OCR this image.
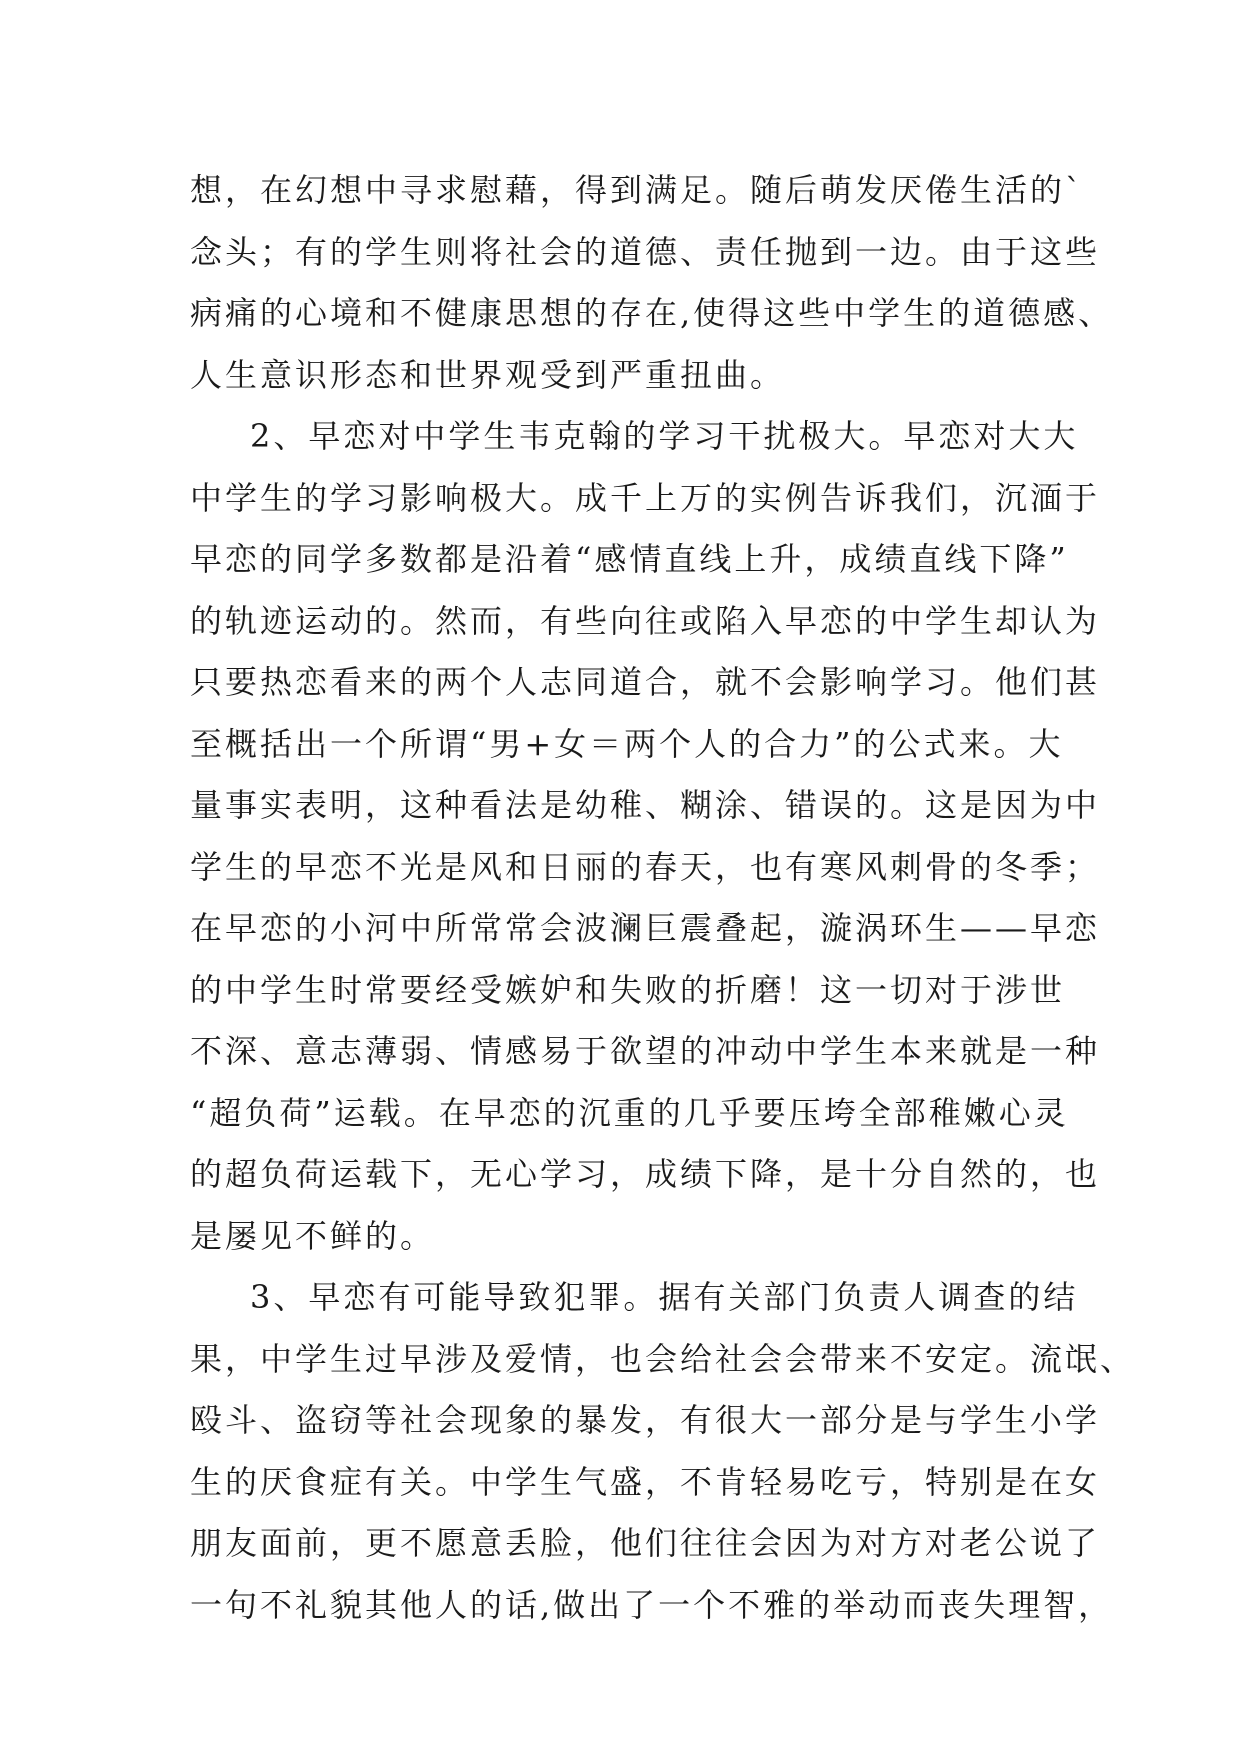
想，在幻想中寻求慰藉，得到满足。随后萌发厌倦生活的`
念头；有的学生则将社会的道德、责任抛到一边。由于这些
病痛的心境和不健康思想的存在,使得这些中学生的道德感、
人生意识形态和世界观受到严重扭曲。
2、早恋对中学生韦克翰的学习干扰极大。早恋对大大
中学生的学习影响极大。成千上万的实例告诉我们，沉湎于
早恋的同学多数都是沿着“感情直线上升，成绩直线下降”
的轨迹运动的。然而，有些向往或陷入早恋的中学生却认为
只要热恋看来的两个人志同道合，就不会影响学习。他们甚
至概括出一个所谓“男+女＝两个人的合力”的公式来。大
量事实表明，这种看法是幼稚、糊涂、错误的。这是因为中
学生的早恋不光是风和日丽的春天，也有寒风刺骨的冬季；
在早恋的小河中所常常会波澜巨震叠起，漩涡环生——早恋
的中学生时常要经受嫉妒和失败的折磨！这一切对于涉世
不深、意志薄弱、情感易于欲望的冲动中学生本来就是一种
“超负荷”运载。在早恋的沉重的几乎要压垮全部稚嫩心灵
的超负荷运载下，无心学习，成绩下降，是十分自然的，也
是屡见不鲜的。
3、早恋有可能导致犯罪。据有关部门负责人调查的结
果，中学生过早涉及爱情，也会给社会会带来不安定。流氓、
殴斗、盗窃等社会现象的暴发，有很大一部分是与学生小学
生的厌食症有关。中学生气盛，不肯轻易吃亏，特别是在女
朋友面前，更不愿意丢脸，他们往往会因为对方对老公说了
一句不礼貌其他人的话,做出了一个不雅的举动而丧失理智，
